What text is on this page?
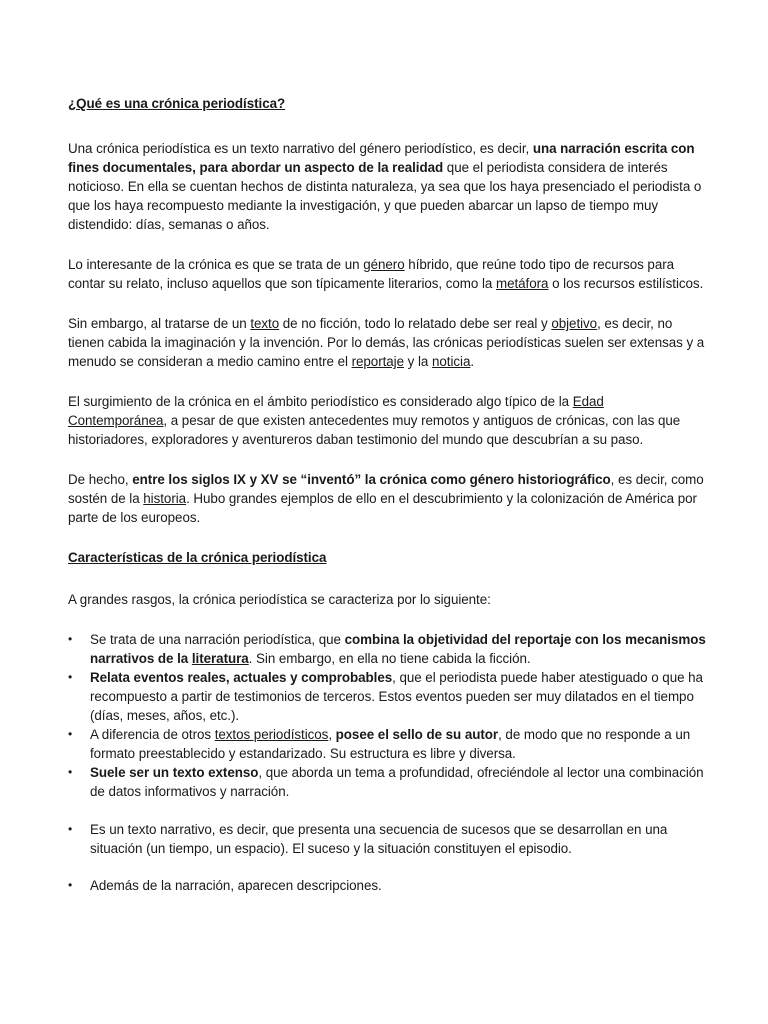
¿Qué es una crónica periodística?

Una crónica periodística es un texto narrativo del género periodístico, es decir, una narración escrita con fines documentales, para abordar un aspecto de la realidad que el periodista considera de interés noticioso. En ella se cuentan hechos de distinta naturaleza, ya sea que los haya presenciado el periodista o que los haya recompuesto mediante la investigación, y que pueden abarcar un lapso de tiempo muy distendido: días, semanas o años.

Lo interesante de la crónica es que se trata de un género híbrido, que reúne todo tipo de recursos para contar su relato, incluso aquellos que son típicamente literarios, como la metáfora o los recursos estilísticos.

Sin embargo, al tratarse de un texto de no ficción, todo lo relatado debe ser real y objetivo, es decir, no tienen cabida la imaginación y la invención. Por lo demás, las crónicas periodísticas suelen ser extensas y a menudo se consideran a medio camino entre el reportaje y la noticia.

El surgimiento de la crónica en el ámbito periodístico es considerado algo típico de la Edad Contemporánea, a pesar de que existen antecedentes muy remotos y antiguos de crónicas, con las que historiadores, exploradores y aventureros daban testimonio del mundo que descubrían a su paso.

De hecho, entre los siglos IX y XV se “inventó” la crónica como género historiográfico, es decir, como sostén de la historia. Hubo grandes ejemplos de ello en el descubrimiento y la colonización de América por parte de los europeos.

Características de la crónica periodística

A grandes rasgos, la crónica periodística se caracteriza por lo siguiente:

• Se trata de una narración periodística, que combina la objetividad del reportaje con los mecanismos narrativos de la literatura. Sin embargo, en ella no tiene cabida la ficción.
• Relata eventos reales, actuales y comprobables, que el periodista puede haber atestiguado o que ha recompuesto a partir de testimonios de terceros. Estos eventos pueden ser muy dilatados en el tiempo (días, meses, años, etc.).
• A diferencia de otros textos periodísticos, posee el sello de su autor, de modo que no responde a un formato preestablecido y estandarizado. Su estructura es libre y diversa.
• Suele ser un texto extenso, que aborda un tema a profundidad, ofreciéndole al lector una combinación de datos informativos y narración.
• Es un texto narrativo, es decir, que presenta una secuencia de sucesos que se desarrollan en una situación (un tiempo, un espacio). El suceso y la situación constituyen el episodio.
• Además de la narración, aparecen descripciones.
